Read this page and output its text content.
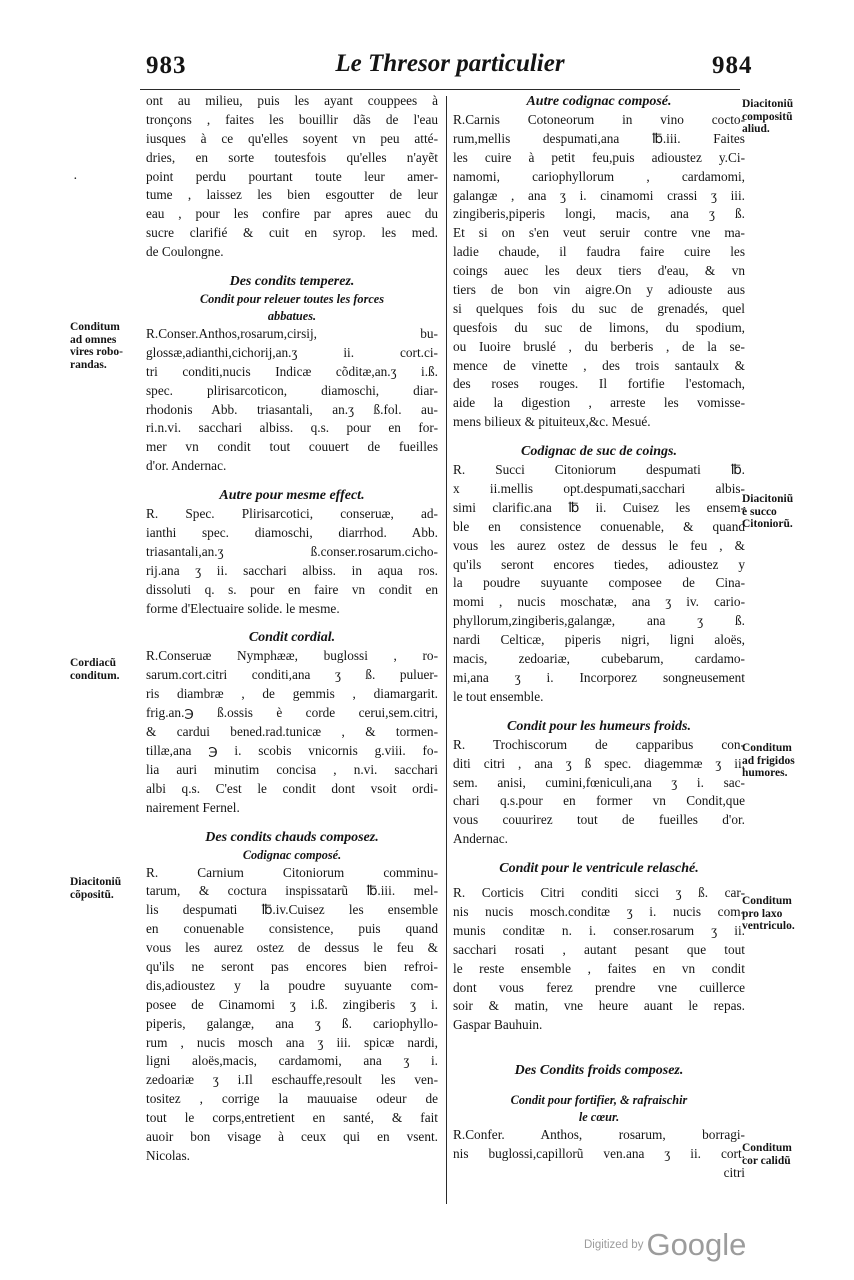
983	Le Thresor particulier	984
·
ont au milieu, puis les ayant couppees à
tronçons , faites les bouillir dãs de l'eau
iusques à ce qu'elles soyent vn peu atté-
dries, en sorte toutesfois qu'elles n'ayẽt
point perdu pourtant toute leur amer-
tume , laissez les bien esgoutter de leur
eau , pour les confire par apres auec du
sucre clarifié & cuit en syrop. les med.
de Coulongne.
Des condits temperez.
Condit pour releuer toutes les forces
abbatues.
R.Conser.Anthos,rosarum,cirsij, bu-
glossæ,adianthi,cichorij,an.ʒ ii. cort.ci-
tri conditi,nucis Indicæ cõditæ,an.ʒ i.ß.
spec. plirisarcoticon, diamoschi, diar-
rhodonis Abb. triasantali, an.ʒ ß.fol. au-
ri.n.vi. sacchari albiss. q.s. pour en for-
mer vn condit tout couuert de fueilles
d'or. Andernac.
Autre pour mesme effect.
R. Spec. Plirisarcotici, conseruæ, ad-
ianthi spec. diamoschi, diarrhod. Abb.
triasantali,an.ʒ ß.conser.rosarum.cicho-
rij.ana ʒ ii. sacchari albiss. in aqua ros.
dissoluti q. s. pour en faire vn condit en
forme d'Electuaire solide. le mesme.
Condit cordial.
R.Conseruæ Nymphææ, buglossi , ro-
sarum.cort.citri conditi,ana ʒ ß. puluer-
ris diambræ , de gemmis , diamargarit.
frig.an.℈ ß.ossis è corde cerui,sem.citri,
& cardui bened.rad.tunicæ , & tormen-
tillæ,ana ℈ i. scobis vnicornis g.viii. fo-
lia auri minutim concisa , n.vi. sacchari
albi q.s. C'est le condit dont vsoit ordi-
nairement Fernel.
Des condits chauds composez.
Codignac composé.
R. Carnium Citoniorum comminu-
tarum, & coctura inspissatarũ ℔.iii. mel-
lis despumati ℔.iv.Cuisez les ensemble
en conuenable consistence, puis quand
vous les aurez ostez de dessus le feu &
qu'ils ne seront pas encores bien refroi-
dis,adioustez y la poudre suyuante com-
posee de Cinamomi ʒ i.ß. zingiberis ʒ i.
piperis, galangæ, ana ʒ ß. cariophyllo-
rum , nucis mosch ana ʒ iii. spicæ nardi,
ligni aloës,macis, cardamomi, ana ʒ i.
zedoariæ ʒ i.Il eschauffe,resoult les ven-
tositez , corrige la mauuaise odeur de
tout le corps,entretient en santé, & fait
auoir bon visage à ceux qui en vsent.
Nicolas.
Autre codignac composé.
R.Carnis Cotoneorum in vino cocto-
rum,mellis despumati,ana ℔.iii. Faites
les cuire à petit feu,puis adioustez y.Ci-
namomi, cariophyllorum , cardamomi,
galangæ , ana ʒ i. cinamomi crassi ʒ iii.
zingiberis,piperis longi, macis, ana ʒ ß.
Et si on s'en veut seruir contre vne ma-
ladie chaude, il faudra faire cuire les
coings auec les deux tiers d'eau, & vn
tiers de bon vin aigre.On y adiouste aus
si quelques fois du suc de grenadés, quel
quesfois du suc de limons, du spodium,
ou Iuoire bruslé , du berberis , de la se-
mence de vinette , des trois santaulx &
des roses rouges. Il fortifie l'estomach,
aide la digestion , arreste les vomisse-
mens bilieux & pituiteux,&c. Mesué.
Codignac de suc de coings.
R. Succi Citoniorum despumati ℔.
x ii.mellis opt.despumati,sacchari albis-
simi clarific.ana ℔ ii. Cuisez les ensem-
ble en consistence conuenable, & quand
vous les aurez ostez de dessus le feu , &
qu'ils seront encores tiedes, adioustez y
la poudre suyuante composee de Cina-
momi , nucis moschatæ, ana ʒ iv. cario-
phyllorum,zingiberis,galangæ, ana ʒ ß.
nardi Celticæ, piperis nigri, ligni aloës,
macis, zedoariæ, cubebarum, cardamo-
mi,ana ʒ i. Incorporez songneusement
le tout ensemble.
Condit pour les humeurs froids.
R. Trochiscorum de capparibus con-
diti citri , ana ʒ ß spec. diagemmæ ʒ ii.
sem. anisi, cumini,fœniculi,ana ʒ i. sac-
chari q.s.pour en former vn Condit,que
vous couurirez tout de fueilles d'or.
Andernac.
Condit pour le ventricule relasché.
R. Corticis Citri conditi sicci ʒ ß. car-
nis nucis mosch.conditæ ʒ i. nucis com-
munis conditæ n. i. conser.rosarum ʒ ii.
sacchari rosati , autant pesant que tout
le reste ensemble , faites en vn condit
dont vous ferez prendre vne cuillerce
soir & matin, vne heure auant le repas.
Gaspar Bauhuin.
Des Condits froids composez.
Condit pour fortifier, & rafraischir
le cœur.
R.Confer. Anthos, rosarum, borragi-
nis buglossi,capillorũ ven.ana ʒ ii. cort.
citri
Conditum
ad omnes
vires robo-
randas.
Cordiacũ
conditum.
Diacitoniũ
cõpositũ.
Diacitoniũ
compositũ
aliud.
Diacitoniũ
è succo
Citoniorũ.
Conditum
ad frigidos
humores.
Conditum
pro laxo
ventriculo.
Conditum
cor calidũ
Digitized byGoogle
